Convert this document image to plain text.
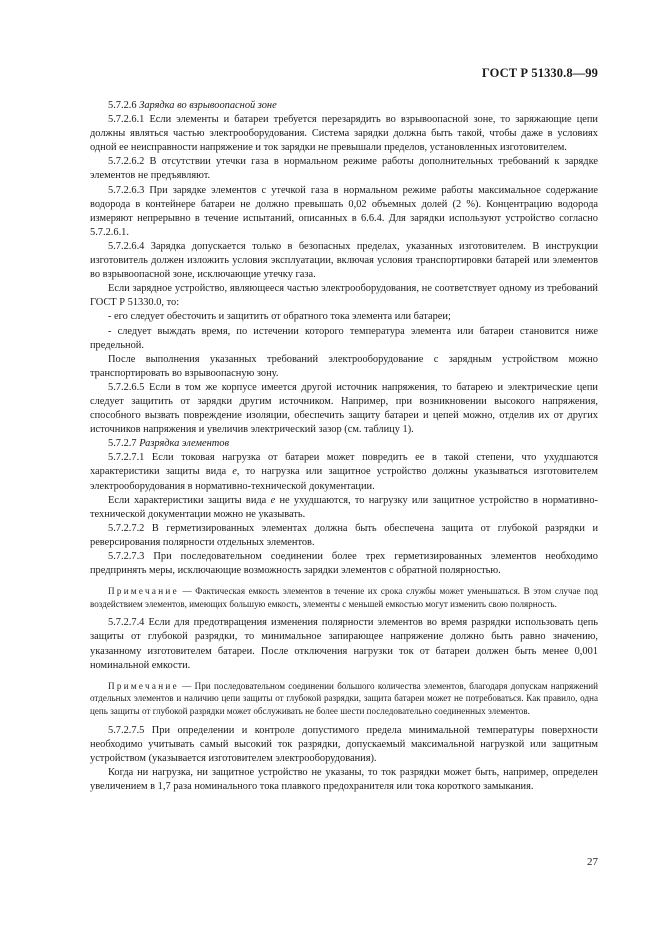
ГОСТ Р 51330.8—99

5.7.2.6 Зарядка во взрывоопасной зоне

5.7.2.6.1 Если элементы и батареи требуется перезарядить во взрывоопасной зоне, то заряжающие цепи должны являться частью электрооборудования. Система зарядки должна быть такой, чтобы даже в условиях одной ее неисправности напряжение и ток зарядки не превышали пределов, установленных изготовителем.

5.7.2.6.2 В отсутствии утечки газа в нормальном режиме работы дополнительных требований к зарядке элементов не предъявляют.

5.7.2.6.3 При зарядке элементов с утечкой газа в нормальном режиме работы максимальное содержание водорода в контейнере батареи не должно превышать 0,02 объемных долей (2 %). Концентрацию водорода измеряют непрерывно в течение испытаний, описанных в 6.6.4. Для зарядки используют устройство согласно 5.7.2.6.1.

5.7.2.6.4 Зарядка допускается только в безопасных пределах, указанных изготовителем. В инструкции изготовитель должен изложить условия эксплуатации, включая условия транспортировки батарей или элементов во взрывоопасной зоне, исключающие утечку газа.

Если зарядное устройство, являющееся частью электрооборудования, не соответствует одному из требований ГОСТ Р 51330.0, то:

- его следует обесточить и защитить от обратного тока элемента или батареи;

- следует выждать время, по истечении которого температура элемента или батареи становится ниже предельной.

После выполнения указанных требований электрооборудование с зарядным устройством можно транспортировать во взрывоопасную зону.

5.7.2.6.5 Если в том же корпусе имеется другой источник напряжения, то батарею и электрические цепи следует защитить от зарядки другим источником. Например, при возникновении высокого напряжения, способного вызвать повреждение изоляции, обеспечить защиту батареи и цепей можно, отделив их от других источников напряжения и увеличив электрический зазор (см. таблицу 1).

5.7.2.7 Разрядка элементов

5.7.2.7.1 Если токовая нагрузка от батареи может повредить ее в такой степени, что ухудшаются характеристики защиты вида е, то нагрузка или защитное устройство должны указываться изготовителем электрооборудования в нормативно-технической документации.

Если характеристики защиты вида е не ухудшаются, то нагрузку или защитное устройство в нормативно-технической документации можно не указывать.

5.7.2.7.2 В герметизированных элементах должна быть обеспечена защита от глубокой разрядки и реверсирования полярности отдельных элементов.

5.7.2.7.3 При последовательном соединении более трех герметизированных элементов необходимо предпринять меры, исключающие возможность зарядки элементов с обратной полярностью.

Примечание — Фактическая емкость элементов в течение их срока службы может уменьшаться. В этом случае под воздействием элементов, имеющих большую емкость, элементы с меньшей емкостью могут изменить свою полярность.

5.7.2.7.4 Если для предотвращения изменения полярности элементов во время разрядки использовать цепь защиты от глубокой разрядки, то минимальное запирающее напряжение должно быть равно значению, указанному изготовителем батареи. После отключения нагрузки ток от батареи должен быть менее 0,001 номинальной емкости.

Примечание — При последовательном соединении большого количества элементов, благодаря допускам напряжений отдельных элементов и наличию цепи защиты от глубокой разрядки, защита батареи может не потребоваться. Как правило, одна цепь защиты от глубокой разрядки может обслуживать не более шести последовательно соединенных элементов.

5.7.2.7.5 При определении и контроле допустимого предела минимальной температуры поверхности необходимо учитывать самый высокий ток разрядки, допускаемый максимальной нагрузкой или защитным устройством (указывается изготовителем электрооборудования).

Когда ни нагрузка, ни защитное устройство не указаны, то ток разрядки может быть, например, определен увеличением в 1,7 раза номинального тока плавкого предохранителя или тока короткого замыкания.

27
